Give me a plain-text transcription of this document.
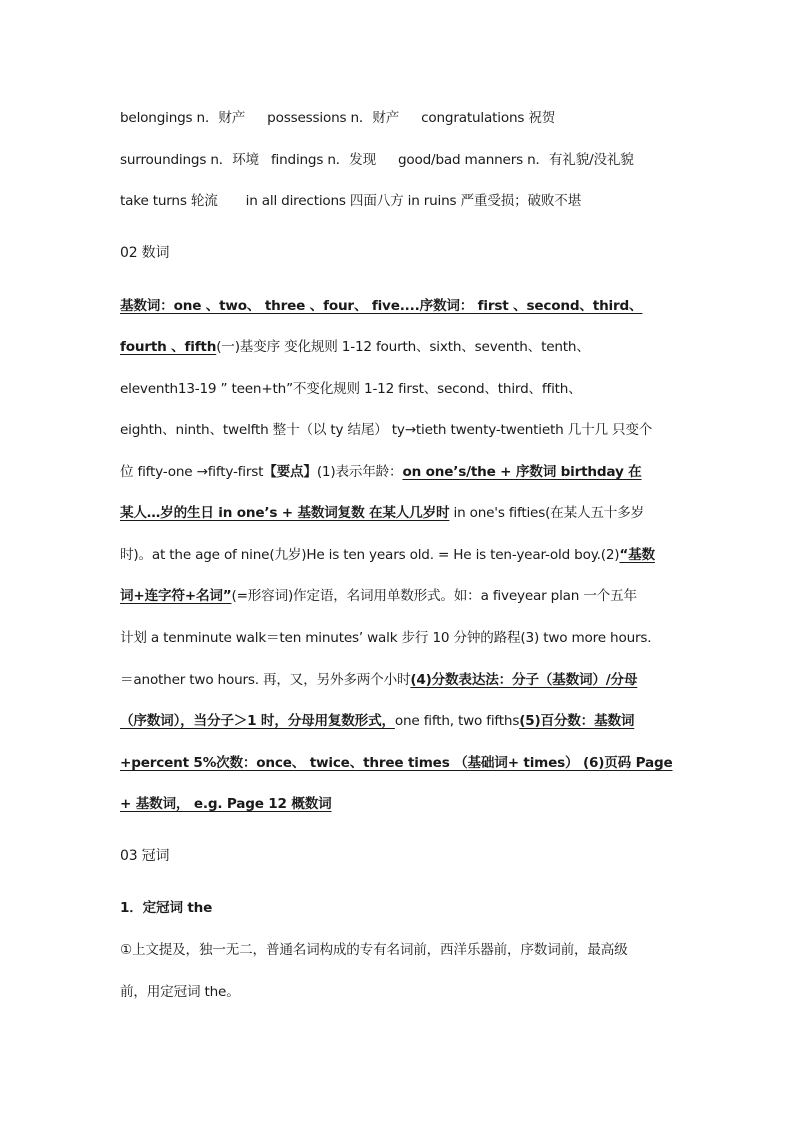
belongings n．财产 possessions n．财产 congratulations 祝贺
surroundings n．环境 findings n．发现 good/bad manners n．有礼貌/没礼貌
take turns 轮流 in all directions 四面八方 in ruins 严重受损；破败不堪
02 数词
基数词：one 、two、 three 、four、 five....序数词： first 、second、third、
fourth 、fifth(一)基变序 变化规则 1-12 fourth、sixth、seventh、tenth、
eleventh13-19 ” teen+th”不变化规则 1-12 first、second、third、ffith、
eighth、ninth、twelfth 整十（以 ty 结尾） ty→tieth twenty-twentieth 几十几 只变个
位 fifty-one →fifty-first【要点】(1)表示年龄：on one’s/the + 序数词 birthday 在
某人…岁的生日 in one’s + 基数词复数 在某人几岁时 in one's fifties(在某人五十多岁
时)。at the age of nine(九岁)He is ten years old. = He is ten-year-old boy.(2)“基数
词+连字符+名词”(=形容词)作定语，名词用单数形式。如：a fiveyear plan 一个五年
计划 a tenminute walk＝ten minutes’ walk 步行 10 分钟的路程(3) two more hours.
＝another two hours. 再，又，另外多两个小时(4)分数表达法：分子（基数词）/分母
（序数词），当分子＞1 时，分母用复数形式，one fifth, two fifths(5)百分数：基数词
+percent 5%次数：once、 twice、three times （基础词+ times） (6)页码 Page
+ 基数词， e.g. Page 12 概数词
03 冠词
1．定冠词 the
①上文提及，独一无二，普通名词构成的专有名词前，西洋乐器前，序数词前，最高级
前，用定冠词 the。
